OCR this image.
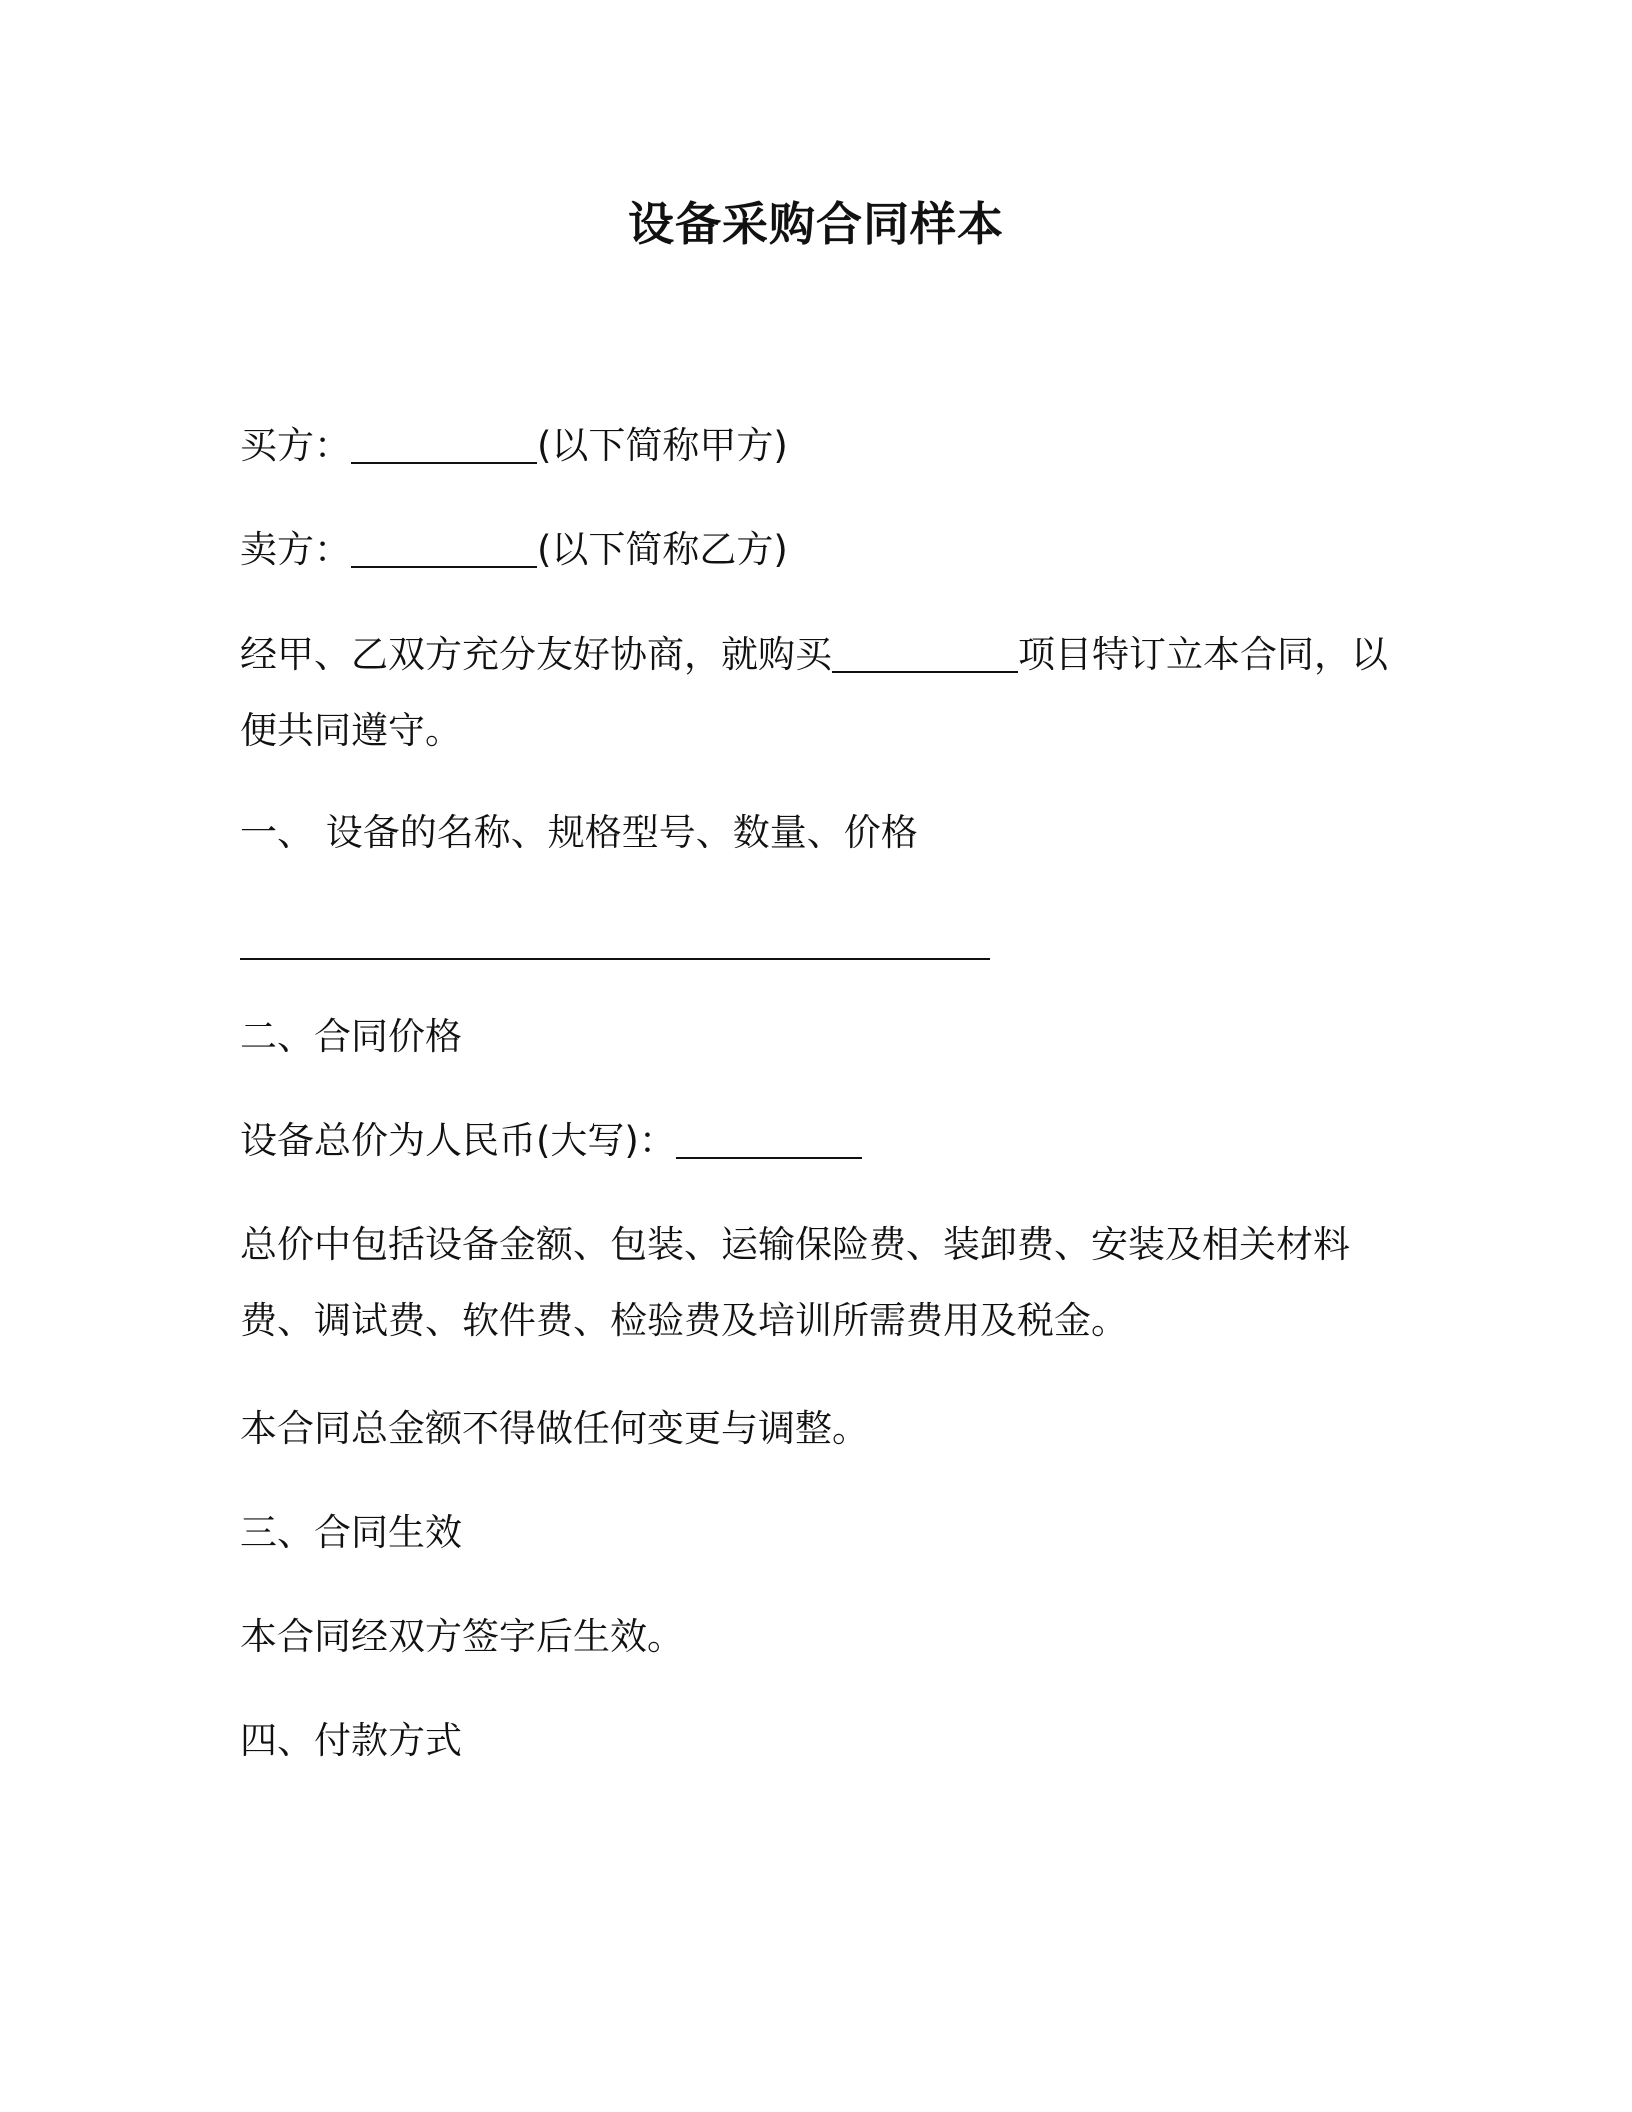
设备采购合同样本
买方：	(以下简称甲方)
卖方：	(以下简称乙方)
经甲、乙双方充分友好协商，就购买	项目特订立本合同，以便共同遵守。
一、 设备的名称、规格型号、数量、价格
二、合同价格
设备总价为人民币(大写)：
总价中包括设备金额、包装、运输保险费、装卸费、安装及相关材料费、调试费、软件费、检验费及培训所需费用及税金。
本合同总金额不得做任何变更与调整。
三、合同生效
本合同经双方签字后生效。
四、付款方式
